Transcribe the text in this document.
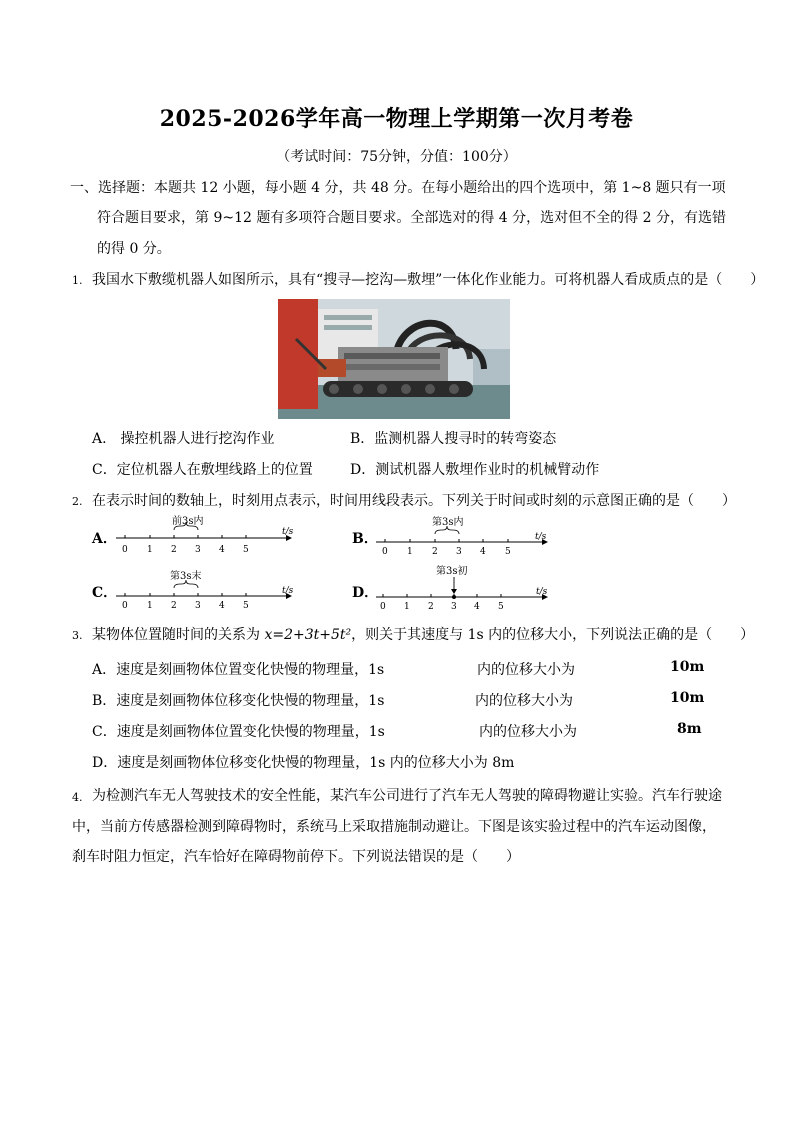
2025-2026学年高一物理上学期第一次月考卷
（考试时间：75分钟，分值：100分）
一、选择题：本题共 12 小题，每小题 4 分，共 48 分。在每小题给出的四个选项中，第 1~8 题只有一项
符合题目要求，第 9~12 题有多项符合题目要求。全部选对的得 4 分，选对但不全的得 2 分，有选错
的得 0 分。
1. 我国水下敷缆机器人如图所示，具有“搜寻—挖沟—敷埋”一体化作业能力。可将机器人看成质点的是（　　）
A.　操控机器人进行挖沟作业	B．监测机器人搜寻时的转弯姿态
C．定位机器人在敷埋线路上的位置	D．测试机器人敷埋作业时的机械臂动作
2. 在表示时间的数轴上，时刻用点表示，时间用线段表示。下列关于时间或时刻的示意图正确的是（　　）
A．
前3s内
0 1 2 3 4 5
t/s	B．
第3s内
0 1 2 3 4 5
t/s
C．
第3s末
0 1 2 3 4 5
t/s	D．
第3s初
0 1 2 3 4 5
t/s
3. 某物体位置随时间的关系为 x=2+3t+5t²，则关于其速度与 1s 内的位移大小，下列说法正确的是（　　）
A．速度是刻画物体位置变化快慢的物理量，1s	内的位移大小为	10m
B．速度是刻画物体位移变化快慢的物理量，1s	内的位移大小为	10m
C．速度是刻画物体位置变化快慢的物理量，1s	内的位移大小为	8m
D．速度是刻画物体位移变化快慢的物理量，1s 内的位移大小为 8m
4. 为检测汽车无人驾驶技术的安全性能，某汽车公司进行了汽车无人驾驶的障碍物避让实验。汽车行驶途
中，当前方传感器检测到障碍物时，系统马上采取措施制动避让。下图是该实验过程中的汽车运动图像，
刹车时阻力恒定，汽车恰好在障碍物前停下。下列说法错误的是（　　）
